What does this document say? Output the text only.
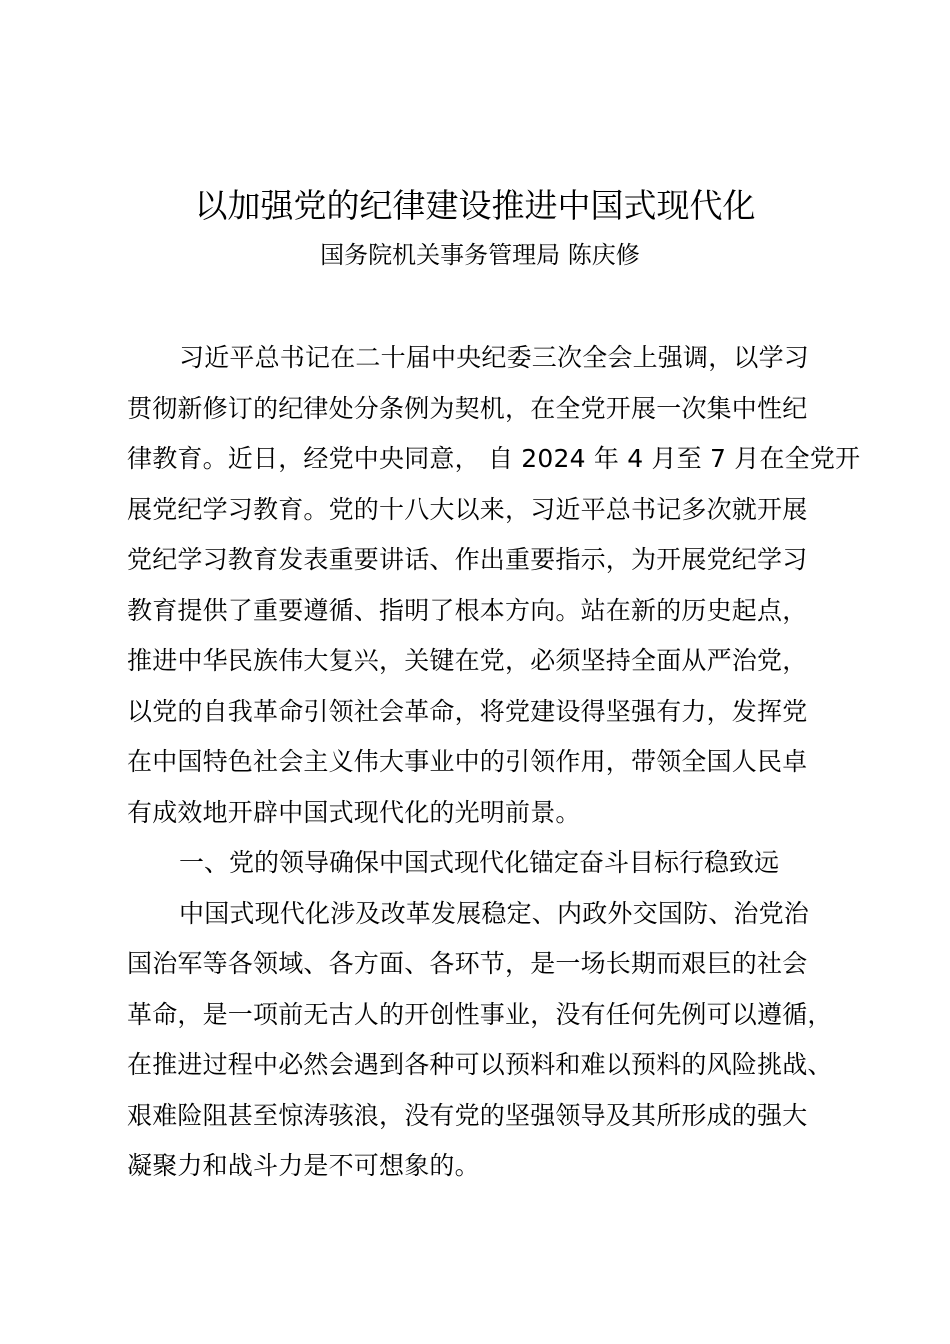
以加强党的纪律建设推进中国式现代化
国务院机关事务管理局 陈庆修
习近平总书记在二十届中央纪委三次全会上强调，以学习
贯彻新修订的纪律处分条例为契机，在全党开展一次集中性纪
律教育。近日，经党中央同意， 自 2024 年 4 月至 7 月在全党开
展党纪学习教育。党的十八大以来，习近平总书记多次就开展
党纪学习教育发表重要讲话、作出重要指示，为开展党纪学习
教育提供了重要遵循、指明了根本方向。站在新的历史起点，
推进中华民族伟大复兴，关键在党，必须坚持全面从严治党，
以党的自我革命引领社会革命，将党建设得坚强有力，发挥党
在中国特色社会主义伟大事业中的引领作用，带领全国人民卓
有成效地开辟中国式现代化的光明前景。
一、党的领导确保中国式现代化锚定奋斗目标行稳致远
中国式现代化涉及改革发展稳定、内政外交国防、治党治
国治军等各领域、各方面、各环节，是一场长期而艰巨的社会
革命，是一项前无古人的开创性事业，没有任何先例可以遵循，
在推进过程中必然会遇到各种可以预料和难以预料的风险挑战、
艰难险阻甚至惊涛骇浪，没有党的坚强领导及其所形成的强大
凝聚力和战斗力是不可想象的。
